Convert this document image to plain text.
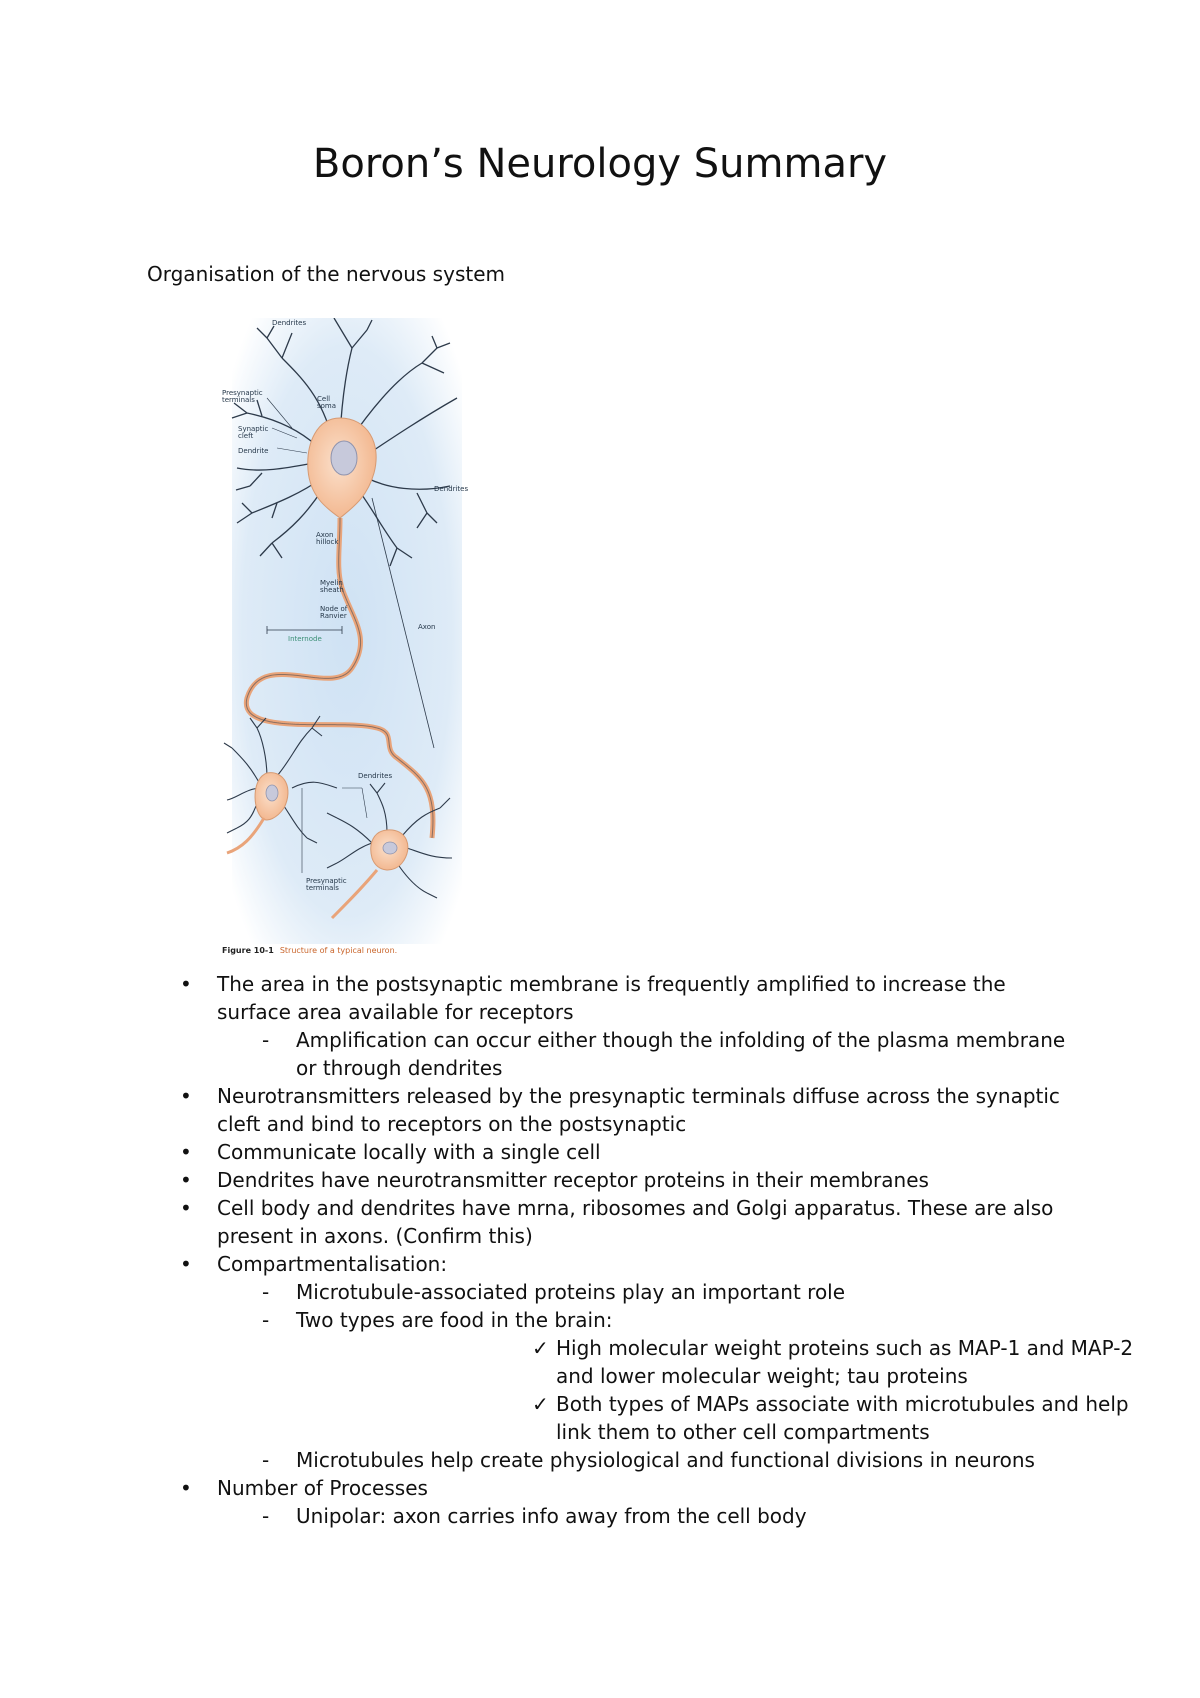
Boron’s Neurology Summary

Organisation of the nervous system

Dendrites
Presynaptic terminals	Cell soma
Synaptic cleft
Dendrite
Dendrites
Axon hillock
Myelin sheath
Node of Ranvier
Axon
Internode
Dendrites
Presynaptic terminals
Figure 10-1 Structure of a typical neuron.
• The area in the postsynaptic membrane is frequently amplified to increase the surface area available for receptors
- Amplification can occur either though the infolding of the plasma membrane or through dendrites
• Neurotransmitters released by the presynaptic terminals diffuse across the synaptic cleft and bind to receptors on the postsynaptic
• Communicate locally with a single cell
• Dendrites have neurotransmitter receptor proteins in their membranes
• Cell body and dendrites have mrna, ribosomes and Golgi apparatus. These are also present in axons. (Confirm this)
• Compartmentalisation:
- Microtubule-associated proteins play an important role
- Two types are food in the brain:
✓ High molecular weight proteins such as MAP-1 and MAP-2 and lower molecular weight; tau proteins
✓ Both types of MAPs associate with microtubules and help link them to other cell compartments
- Microtubules help create physiological and functional divisions in neurons
• Number of Processes
- Unipolar: axon carries info away from the cell body
